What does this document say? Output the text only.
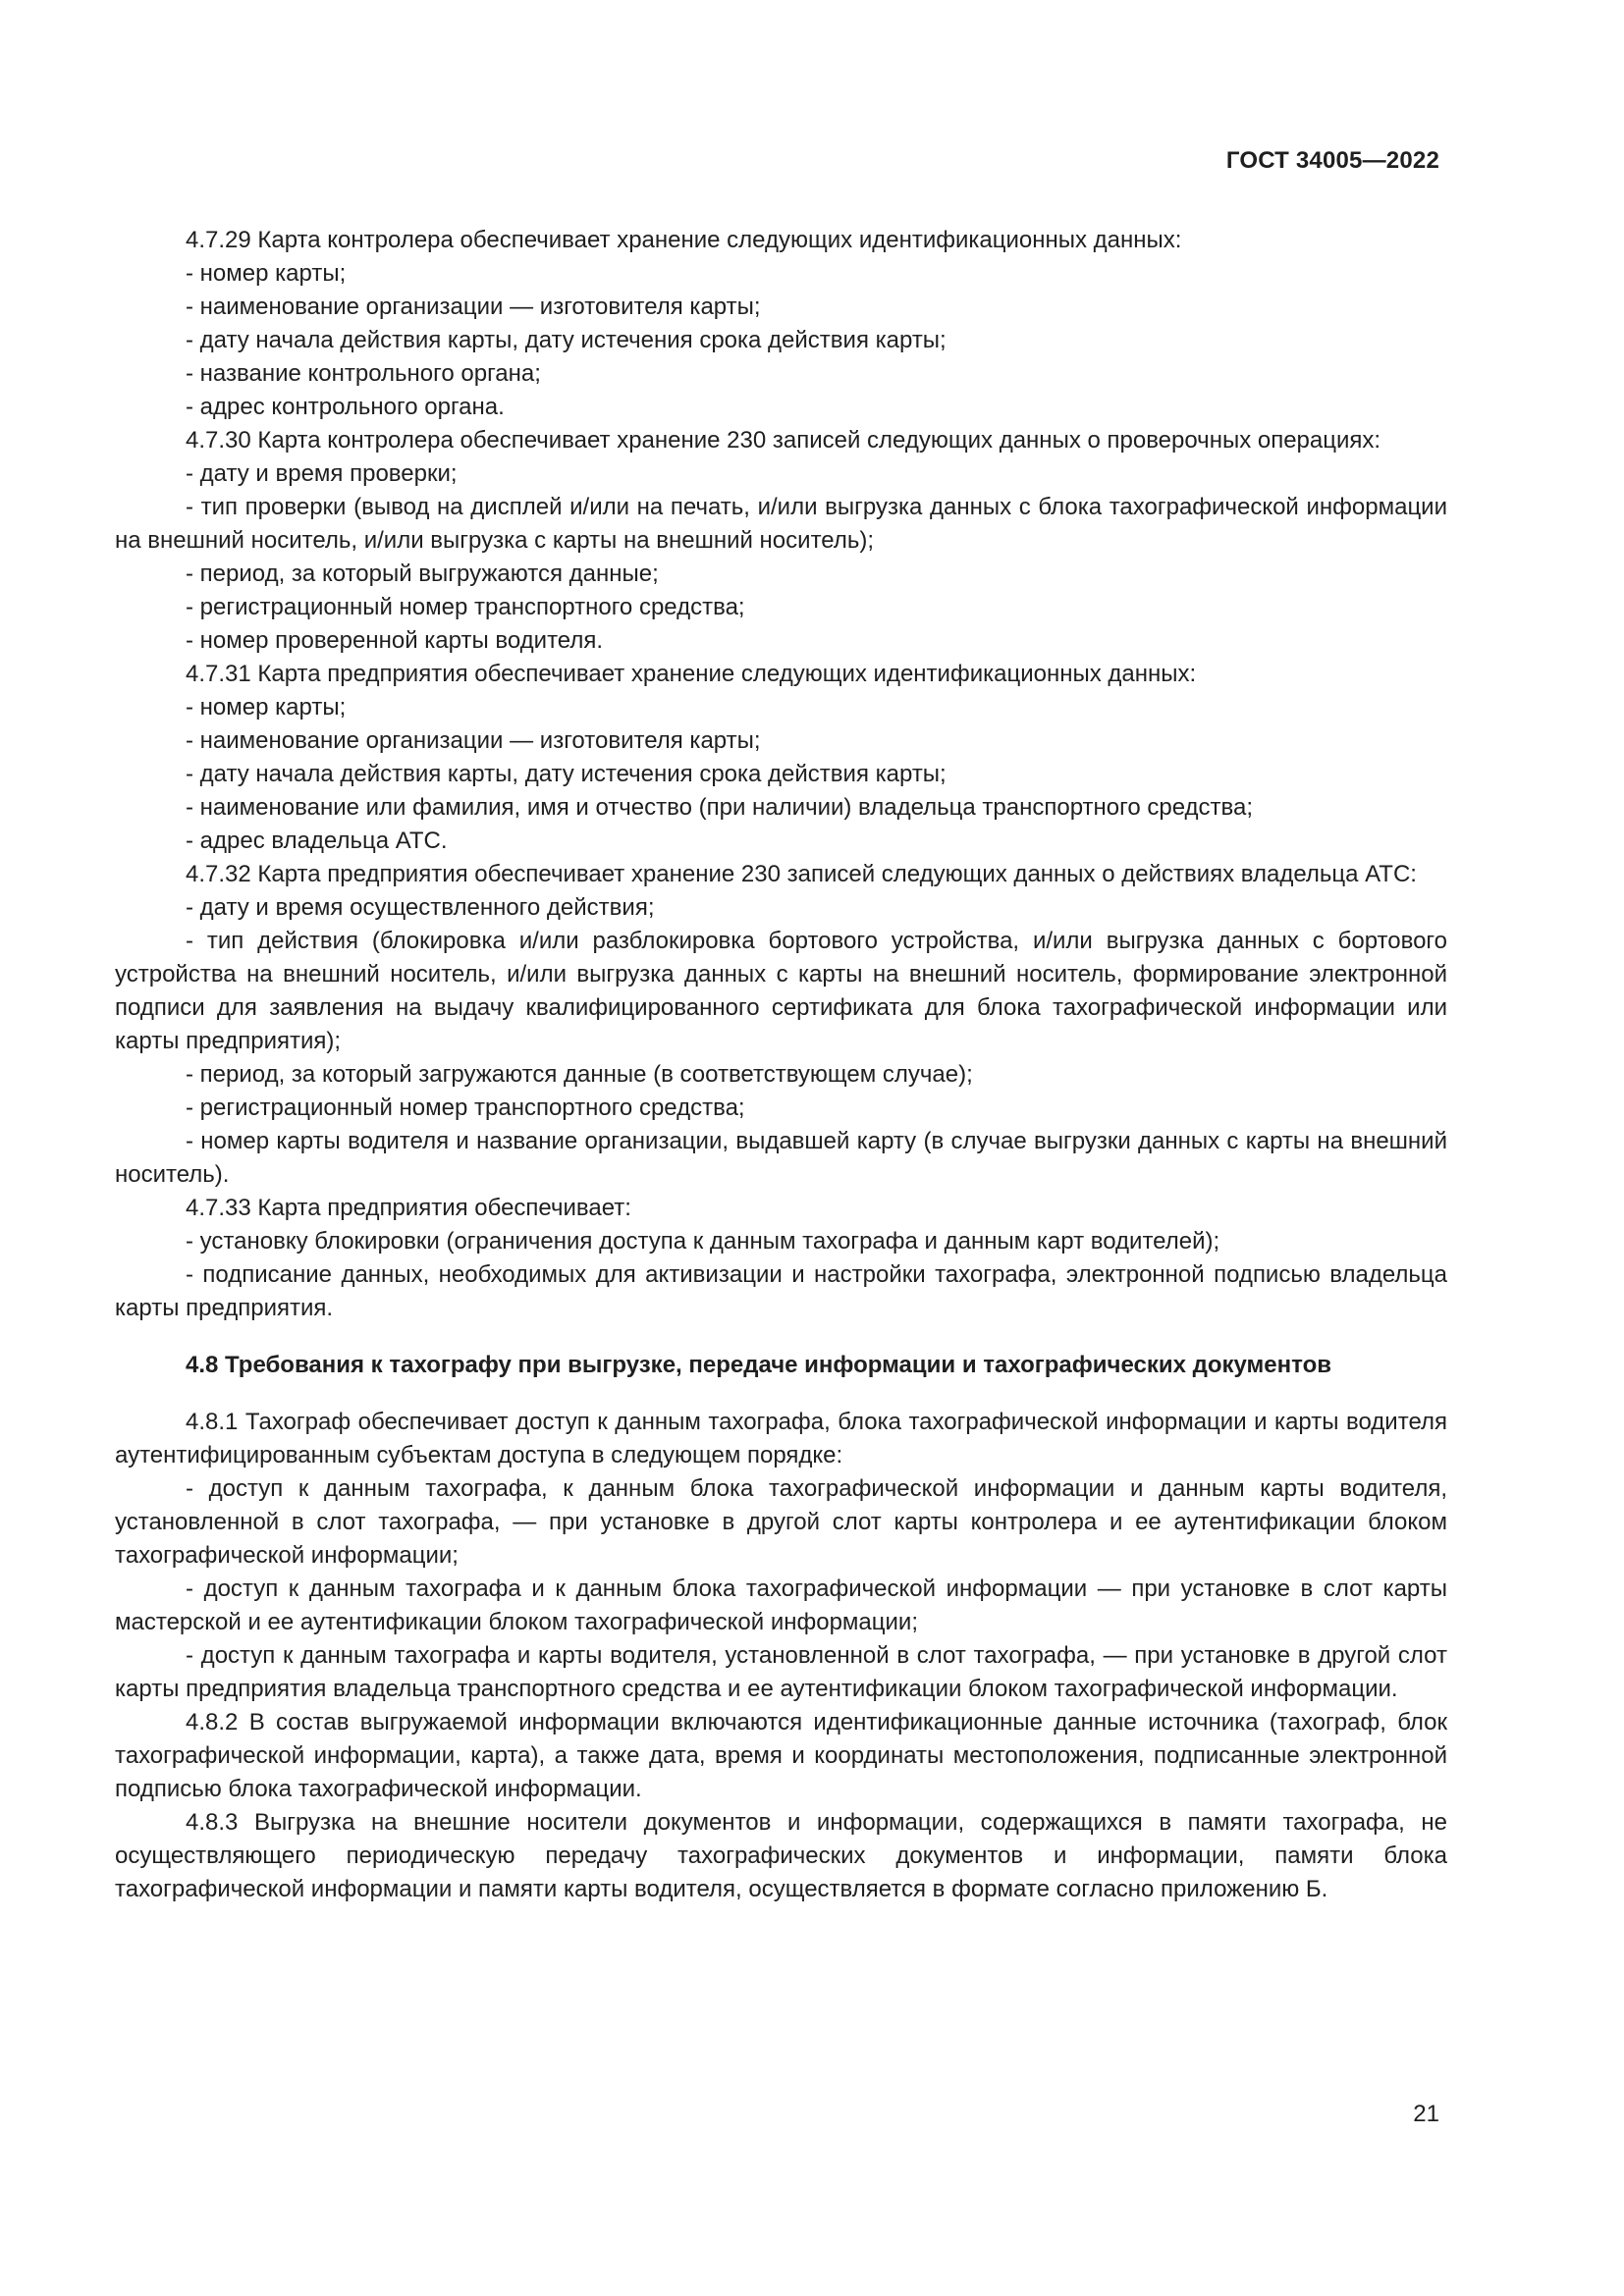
ГОСТ 34005—2022

4.7.29 Карта контролера обеспечивает хранение следующих идентификационных данных:

- номер карты;

- наименование организации — изготовителя карты;

- дату начала действия карты, дату истечения срока действия карты;

- название контрольного органа;

- адрес контрольного органа.

4.7.30 Карта контролера обеспечивает хранение 230 записей следующих данных о проверочных операциях:

- дату и время проверки;

- тип проверки (вывод на дисплей и/или на печать, и/или выгрузка данных с блока тахографической информации на внешний носитель, и/или выгрузка с карты на внешний носитель);

- период, за который выгружаются данные;

- регистрационный номер транспортного средства;

- номер проверенной карты водителя.

4.7.31 Карта предприятия обеспечивает хранение следующих идентификационных данных:

- номер карты;

- наименование организации — изготовителя карты;

- дату начала действия карты, дату истечения срока действия карты;

- наименование или фамилия, имя и отчество (при наличии) владельца транспортного средства;

- адрес владельца АТС.

4.7.32 Карта предприятия обеспечивает хранение 230 записей следующих данных о действиях владельца АТС:

- дату и время осуществленного действия;

- тип действия (блокировка и/или разблокировка бортового устройства, и/или выгрузка данных с бортового устройства на внешний носитель, и/или выгрузка данных с карты на внешний носитель, формирование электронной подписи для заявления на выдачу квалифицированного сертификата для блока тахографической информации или карты предприятия);

- период, за который загружаются данные (в соответствующем случае);

- регистрационный номер транспортного средства;

- номер карты водителя и название организации, выдавшей карту (в случае выгрузки данных с карты на внешний носитель).

4.7.33 Карта предприятия обеспечивает:

- установку блокировки (ограничения доступа к данным тахографа и данным карт водителей);

- подписание данных, необходимых для активизации и настройки тахографа, электронной подписью владельца карты предприятия.

4.8 Требования к тахографу при выгрузке, передаче информации и тахографических документов

4.8.1 Тахограф обеспечивает доступ к данным тахографа, блока тахографической информации и карты водителя аутентифицированным субъектам доступа в следующем порядке:

- доступ к данным тахографа, к данным блока тахографической информации и данным карты водителя, установленной в слот тахографа, — при установке в другой слот карты контролера и ее аутентификации блоком тахографической информации;

- доступ к данным тахографа и к данным блока тахографической информации — при установке в слот карты мастерской и ее аутентификации блоком тахографической информации;

- доступ к данным тахографа и карты водителя, установленной в слот тахографа, — при установке в другой слот карты предприятия владельца транспортного средства и ее аутентификации блоком тахографической информации.

4.8.2 В состав выгружаемой информации включаются идентификационные данные источника (тахограф, блок тахографической информации, карта), а также дата, время и координаты местоположения, подписанные электронной подписью блока тахографической информации.

4.8.3 Выгрузка на внешние носители документов и информации, содержащихся в памяти тахографа, не осуществляющего периодическую передачу тахографических документов и информации, памяти блока тахографической информации и памяти карты водителя, осуществляется в формате согласно приложению Б.

21
